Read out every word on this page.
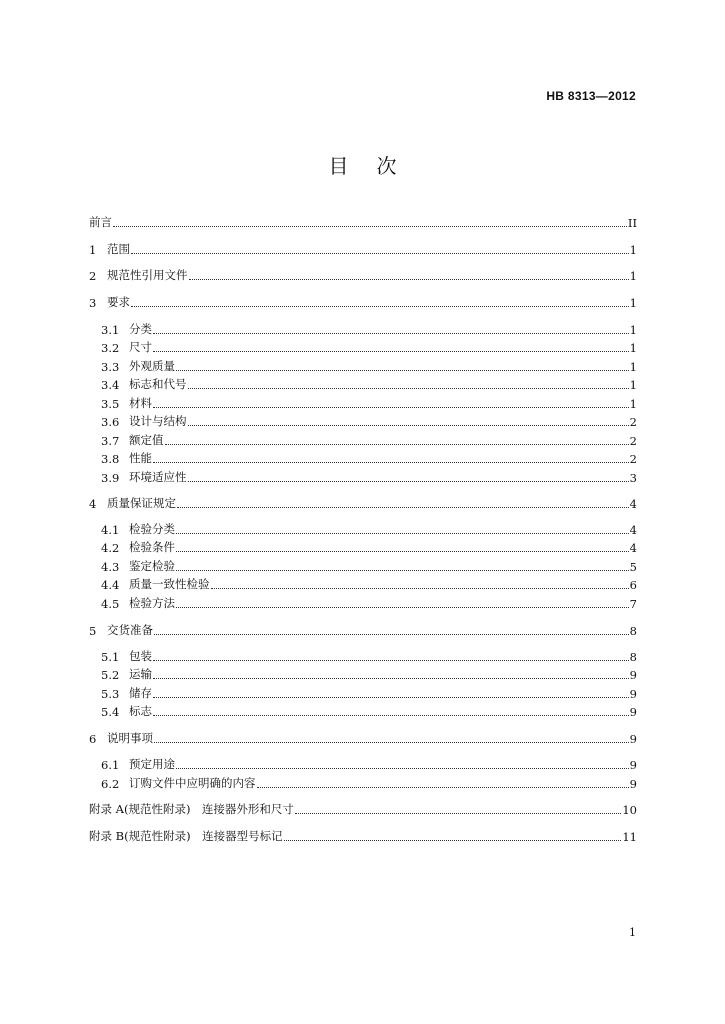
HB 8313—2012
目次
前言	II
1 范围	1
2 规范性引用文件	1
3 要求	1
3.1 分类	1
3.2 尺寸	1
3.3 外观质量	1
3.4 标志和代号	1
3.5 材料	1
3.6 设计与结构	2
3.7 额定值	2
3.8 性能	2
3.9 环境适应性	3
4 质量保证规定	4
4.1 检验分类	4
4.2 检验条件	4
4.3 鉴定检验	5
4.4 质量一致性检验	6
4.5 检验方法	7
5 交货准备	8
5.1 包装	8
5.2 运输	9
5.3 储存	9
5.4 标志	9
6 说明事项	9
6.1 预定用途	9
6.2 订购文件中应明确的内容	9
附录 A(规范性附录)　连接器外形和尺寸	10
附录 B(规范性附录)　连接器型号标记	11
1
